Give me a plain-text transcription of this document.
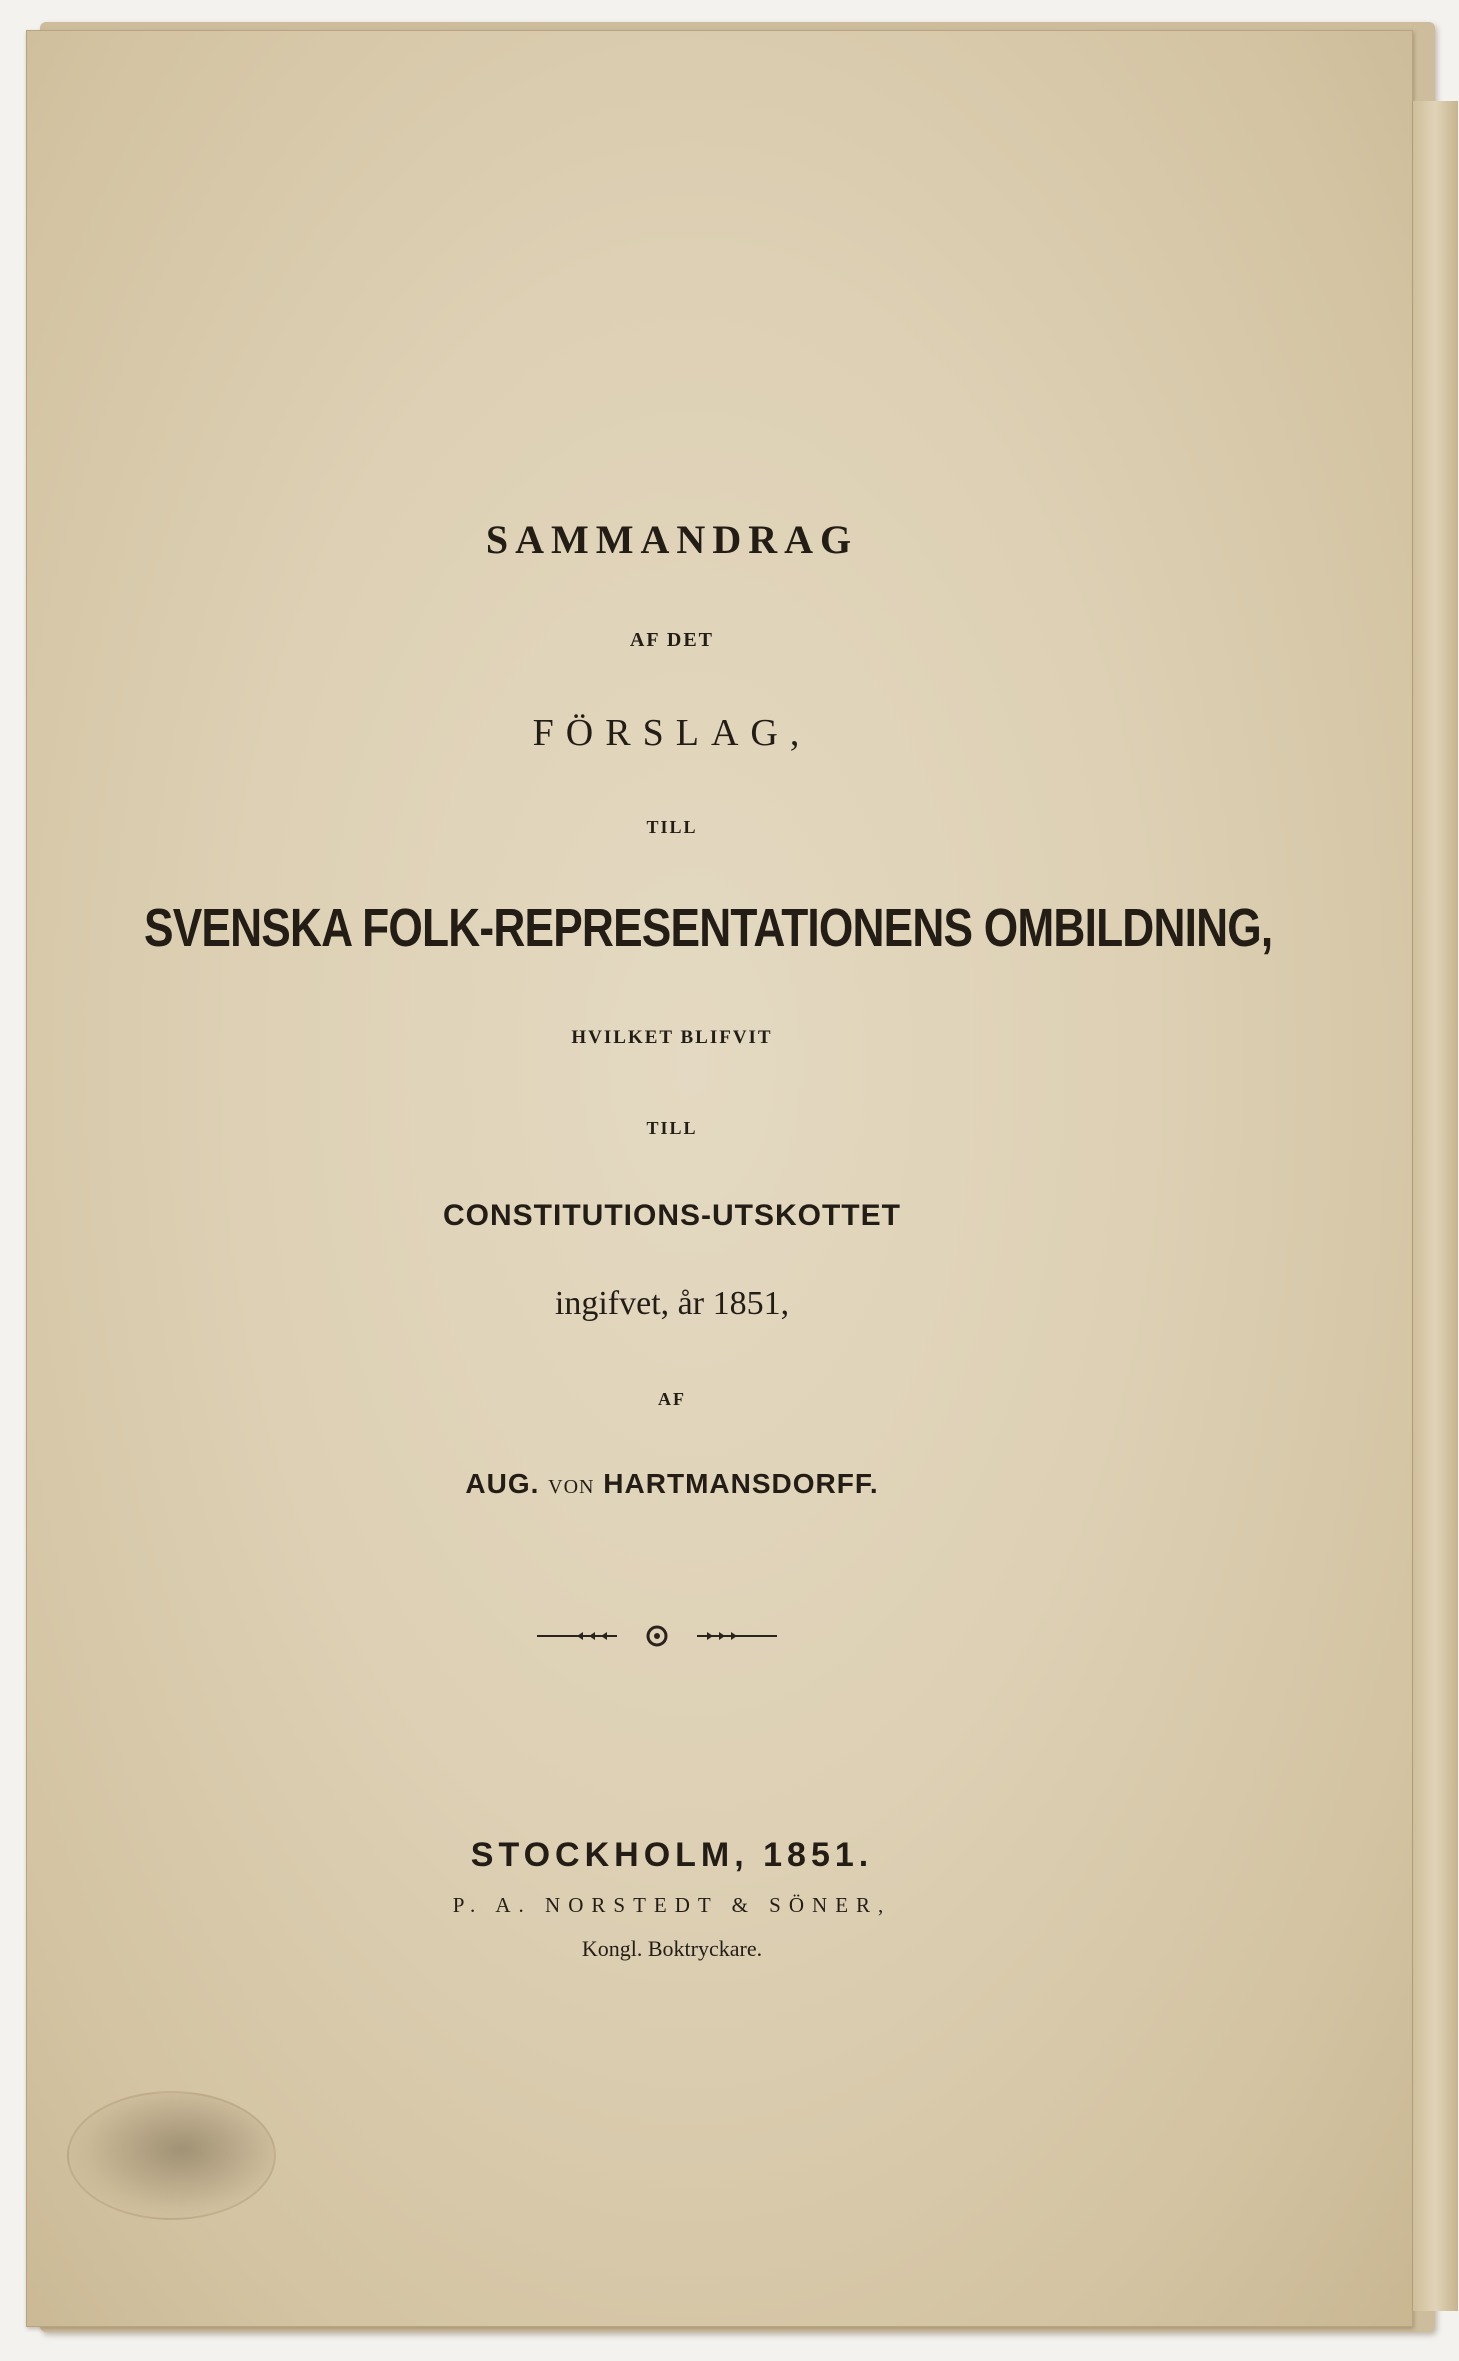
SAMMANDRAG
AF DET
FÖRSLAG,
TILL
SVENSKA FOLK-REPRESENTATIONENS OMBILDNING,
HVILKET BLIFVIT
TILL
CONSTITUTIONS-UTSKOTTET
ingifvet, år 1851,
AF
AUG. VON HARTMANSDORFF.
STOCKHOLM, 1851.
P. A. NORSTEDT & SÖNER,
Kongl. Boktryckare.
